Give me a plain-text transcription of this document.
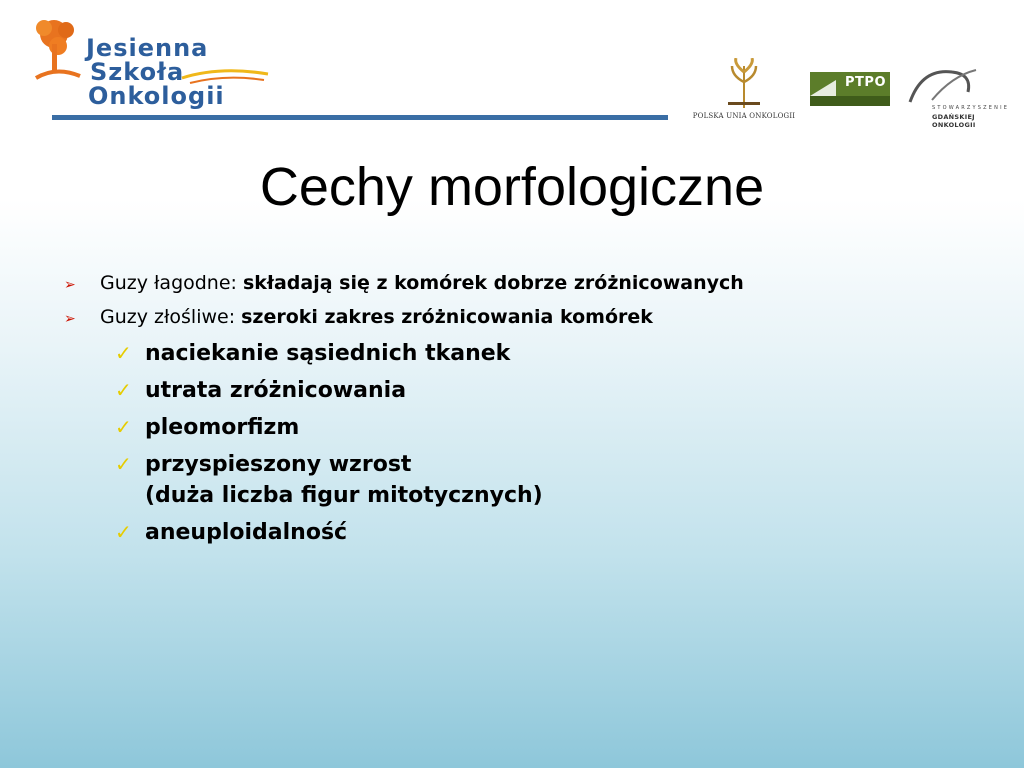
Jesienna
Szkoła
Onkologii
POLSKA UNIA ONKOLOGII
PTPO
STOWARZYSZENIE
GDAŃSKIEJ ONKOLOGII
Cechy morfologiczne
➢	Guzy łagodne: składają się z komórek dobrze zróżnicowanych
➢	Guzy złośliwe: szeroki zakres zróżnicowania komórek
✓ naciekanie sąsiednich tkanek
✓ utrata zróżnicowania
✓ pleomorfizm
✓ przyspieszony wzrost
(duża liczba figur mitotycznych)
✓ aneuploidalność
